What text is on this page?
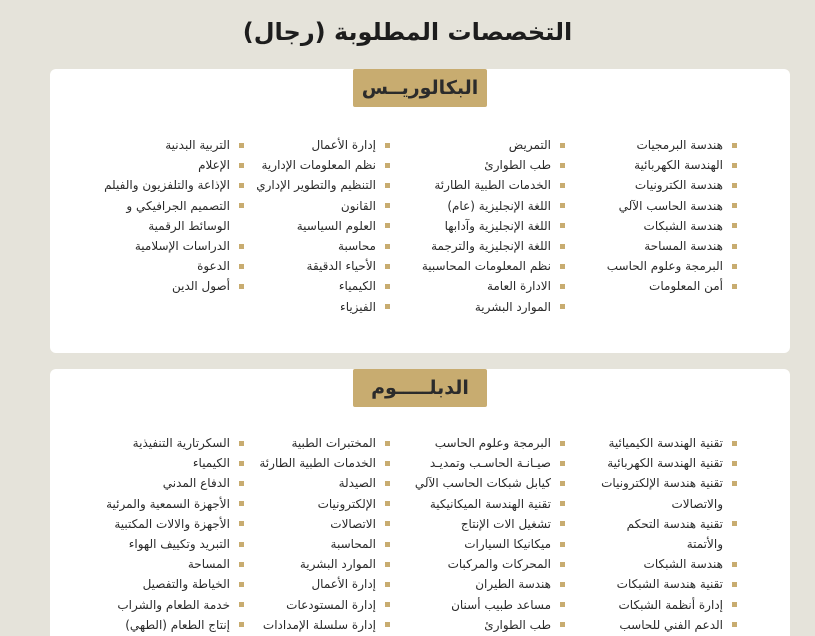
التخصصات المطلوبة (رجال)
البكالوريــس
هندسة البرمجيات
الهندسة الكهربائية
هندسة الكترونيات
هندسة الحاسب الآلي
هندسة الشبكات
هندسة المساحة
البرمجة وعلوم الحاسب
أمن المعلومات
التمريض
طب الطوارئ
الخدمات الطبية الطارئة
اللغة الإنجليزية (عام)
اللغة الإنجليزية وآدابها
اللغة الإنجليزية والترجمة
نظم المعلومات المحاسبية
الادارة العامة
الموارد البشرية
إدارة الأعمال
نظم المعلومات الإدارية
التنظيم والتطوير الإداري
القانون
العلوم السياسية
محاسبة
الأحياء الدقيقة
الكيمياء
الفيزياء
التربية البدنية
الإعلام
الإذاعة والتلفزيون والفيلم
التصميم الجرافيكي و
الوسائط الرقمية
الدراسات الإسلامية
الدعوة
أصول الدين
الدبلـــــوم
تقنية الهندسة الكيميائية
تقنية الهندسة الكهربائية
تقنية هندسة الإلكترونيات
والاتصالات
تقنية هندسة التحكم
والأتمتة
هندسة الشبكات
تقنية هندسة الشبكات
إدارة أنظمة الشبكات
الدعم الفني للحاسب
البرمجة وعلوم الحاسب
صيـانـة الحاسـب وتمديـد
كيابل شبكات الحاسب الآلي
تقنية الهندسة الميكانيكية
تشغيل الات الإنتاج
ميكانيكا السيارات
المحركات والمركبات
هندسة الطيران
مساعد طبيب أسنان
طب الطوارئ
المختبرات الطبية
الخدمات الطبية الطارئة
الصيدلة
الإلكترونيات
الاتصالات
المحاسبة
الموارد البشرية
إدارة الأعمال
إدارة المستودعات
إدارة سلسلة الإمدادات
السكرتارية التنفيذية
الكيمياء
الدفاع المدني
الأجهزة السمعية والمرئية
الأجهزة والالات المكتبية
التبريد وتكييف الهواء
المساحة
الخياطة والتفصيل
خدمة الطعام والشراب
إنتاج الطعام (الطهي)
